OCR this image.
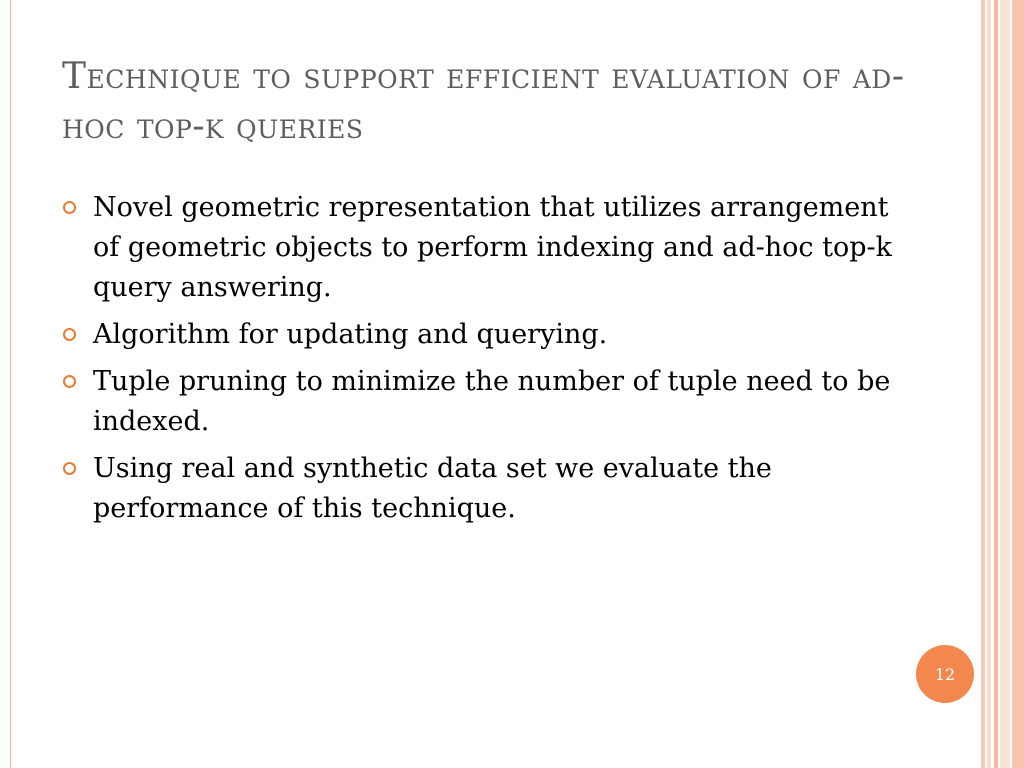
Technique to support efficient evaluation of ad-hoc top-k queries
Novel geometric representation that utilizes arrangement of geometric objects to perform indexing and ad-hoc top-k query answering.
Algorithm for updating and querying.
Tuple pruning to minimize the number of tuple need to be indexed.
Using real and synthetic data set we evaluate the performance of this technique.
12
